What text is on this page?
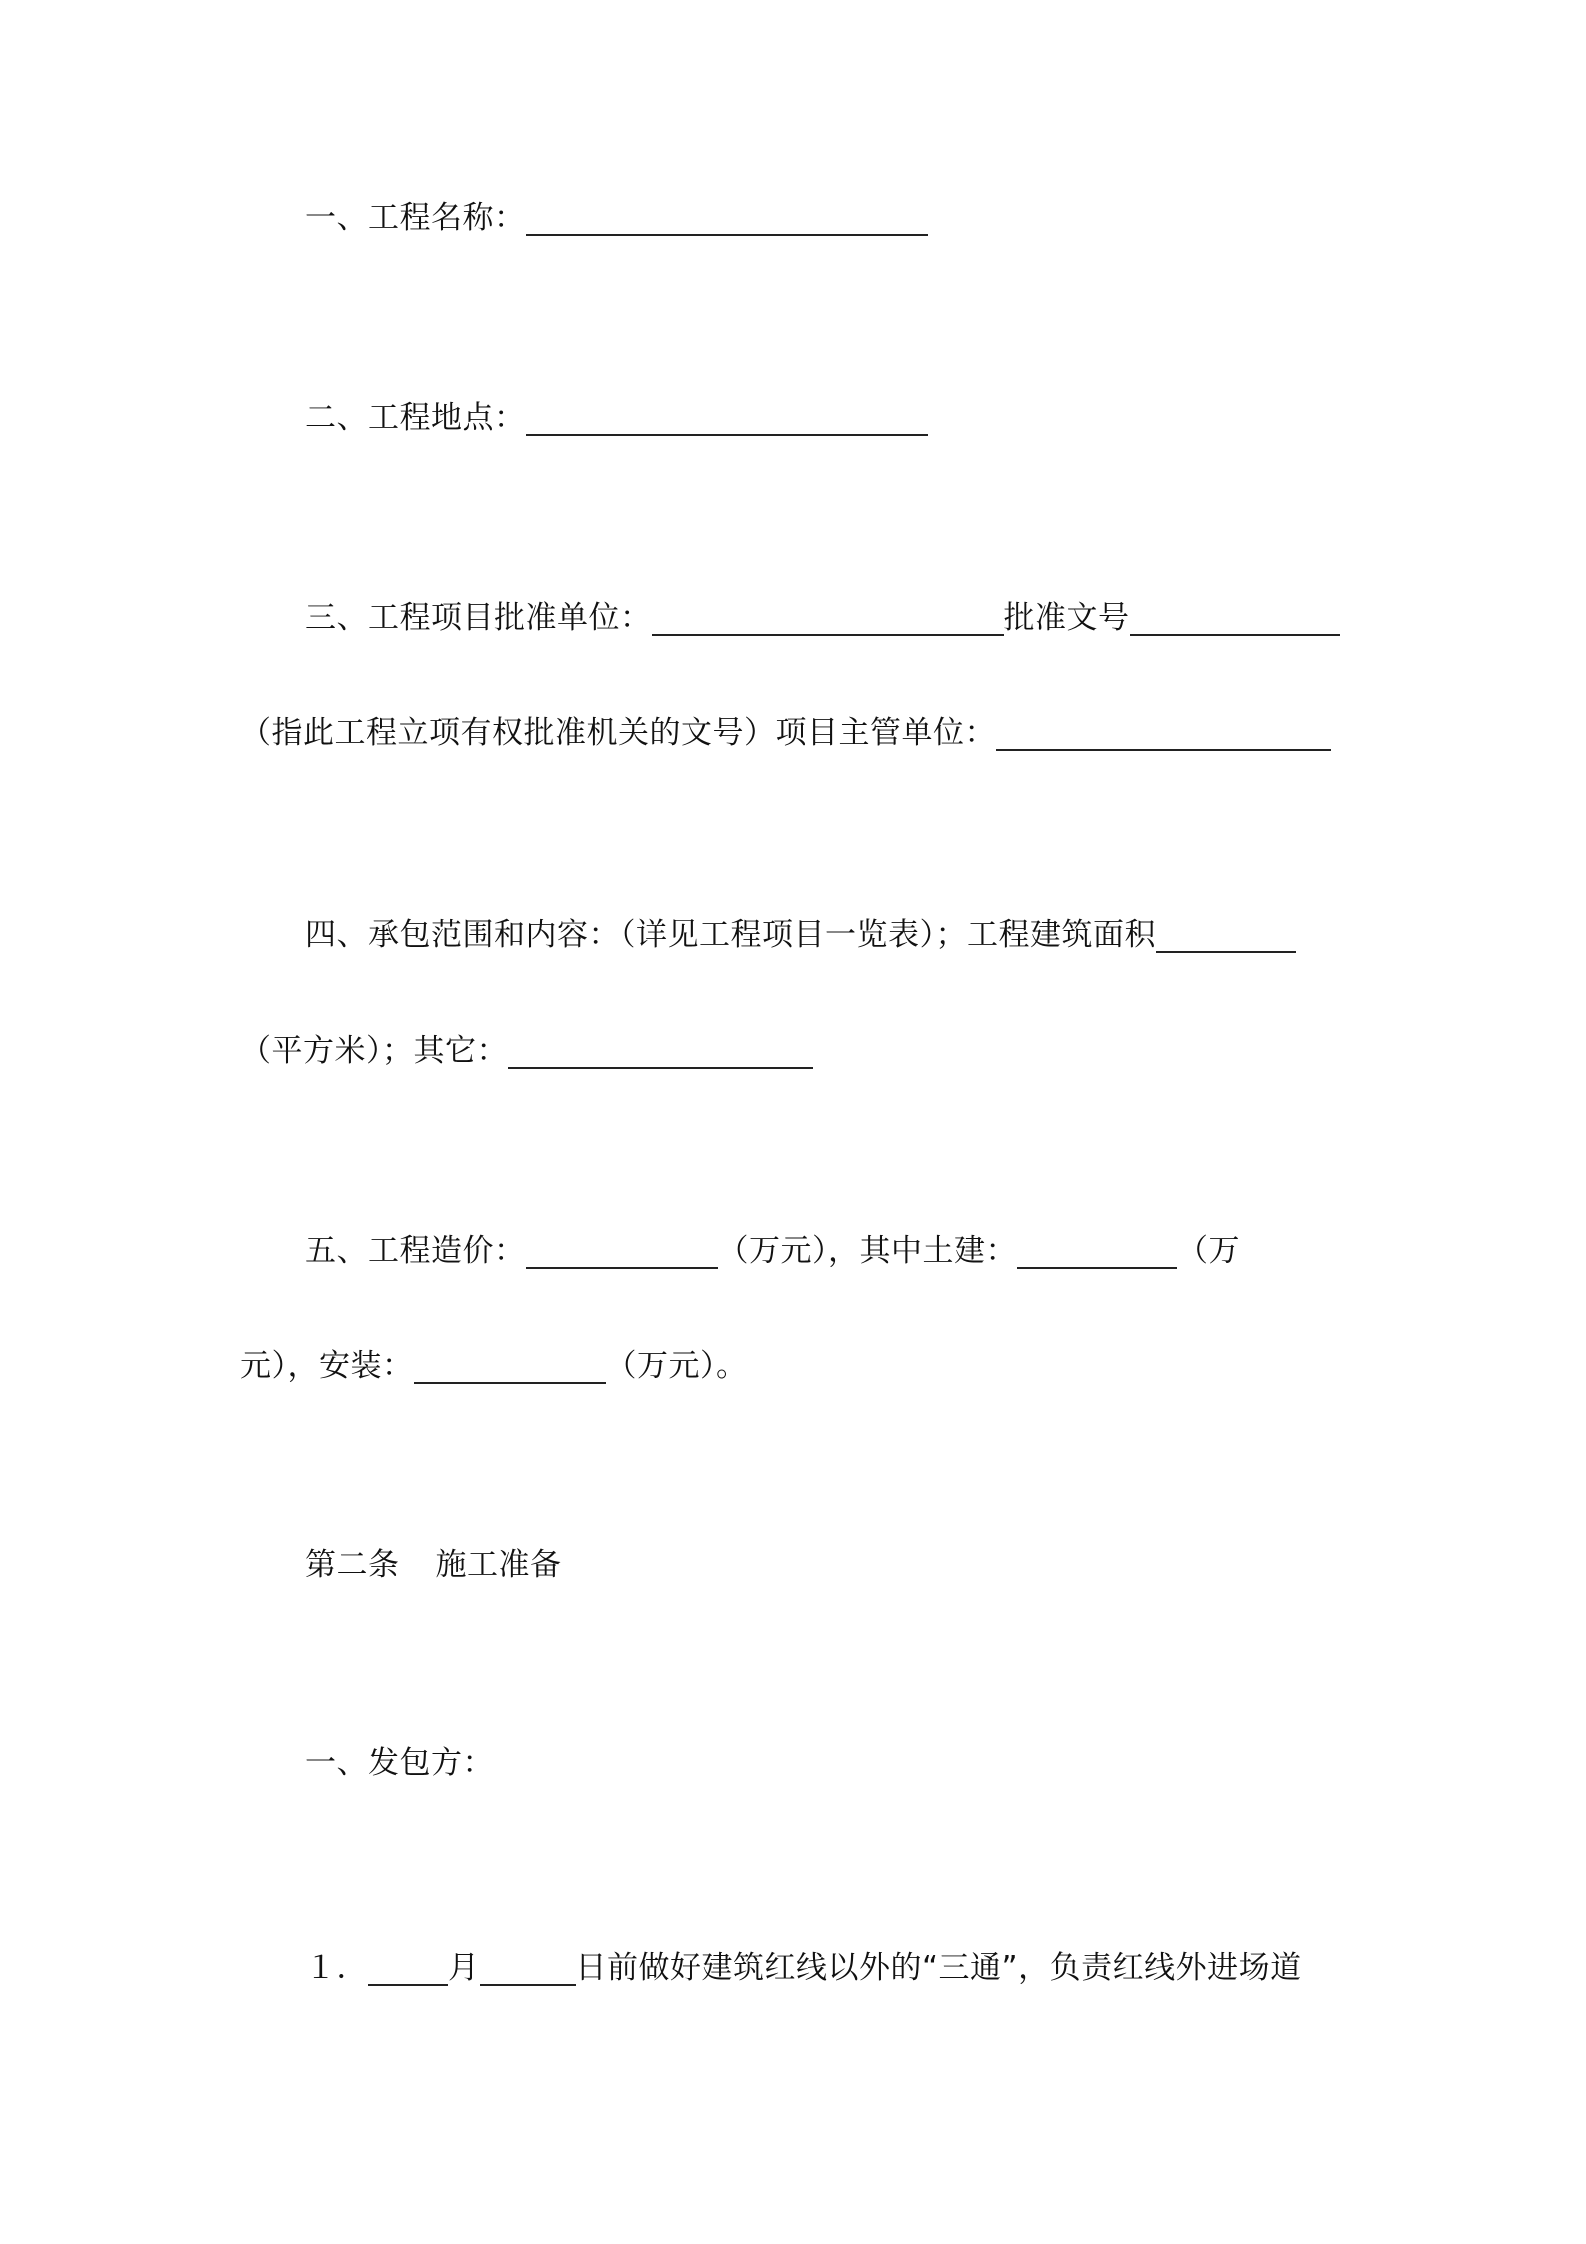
一、工程名称：
二、工程地点：
三、工程项目批准单位：	批准文号
（指此工程立项有权批准机关的文号）项目主管单位：
四、承包范围和内容：（详见工程项目一览表）；工程建筑面积
（平方米）；其它：
五、工程造价：	（万元），其中土建：	（万
元），安装：	（万元）。
第二条 施工准备
一、发包方：
１．	月	日前做好建筑红线以外的“三通”，负责红线外进场道
